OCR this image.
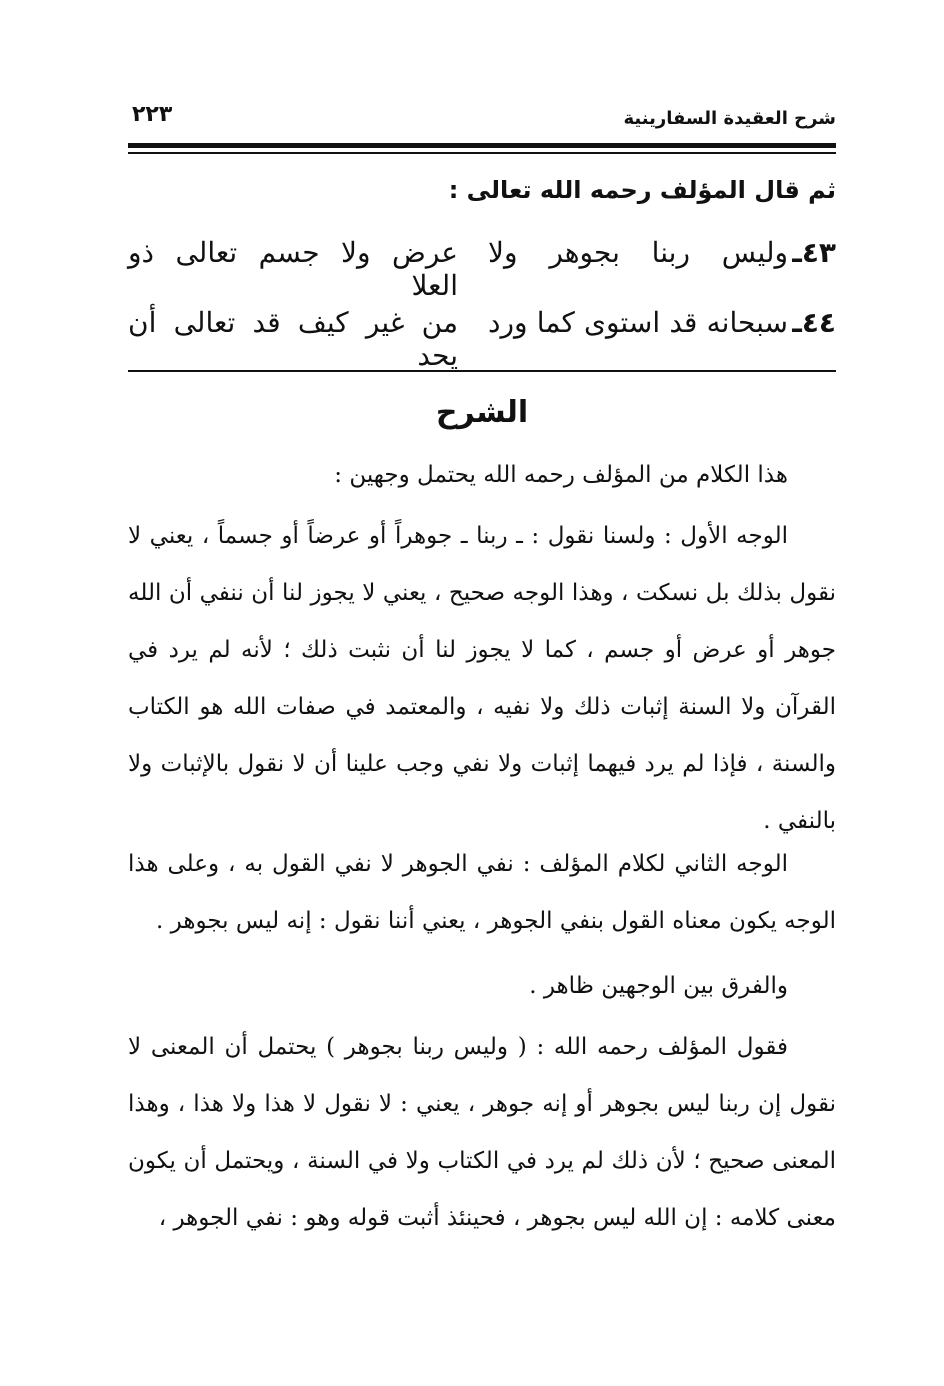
شرح العقيدة السفارينية
٢٢٣
ثم قال المؤلف رحمه الله تعالى :
٤٣ـ
وليس ربنا بجوهر ولا
عرض ولا جسم تعالى ذو العلا
٤٤ـ
سبحانه قد استوى كما ورد
من غير كيف قد تعالى أن يحد
الشرح

هذا الكلام من المؤلف رحمه الله يحتمل وجهين :

الوجه الأول : ولسنا نقول : ـ ربنا ـ جوهراً أو عرضاً أو جسماً ، يعني لا نقول بذلك بل نسكت ، وهذا الوجه صحيح ، يعني لا يجوز لنا أن ننفي أن الله جوهر أو عرض أو جسم ، كما لا يجوز لنا أن نثبت ذلك ؛ لأنه لم يرد في القرآن ولا السنة إثبات ذلك ولا نفيه ، والمعتمد في صفات الله هو الكتاب والسنة ، فإذا لم يرد فيهما إثبات ولا نفي وجب علينا أن لا نقول بالإثبات ولا بالنفي .

الوجه الثاني لكلام المؤلف : نفي الجوهر لا نفي القول به ، وعلى هذا الوجه يكون معناه القول بنفي الجوهر ، يعني أننا نقول : إنه ليس بجوهر .

والفرق بين الوجهين ظاهر .

فقول المؤلف رحمه الله : ( وليس ربنا بجوهر ) يحتمل أن المعنى لا نقول إن ربنا ليس بجوهر أو إنه جوهر ، يعني : لا نقول لا هذا ولا هذا ، وهذا المعنى صحيح ؛ لأن ذلك لم يرد في الكتاب ولا في السنة ، ويحتمل أن يكون معنى كلامه : إن الله ليس بجوهر ، فحينئذ أثبت قوله وهو : نفي الجوهر ،
